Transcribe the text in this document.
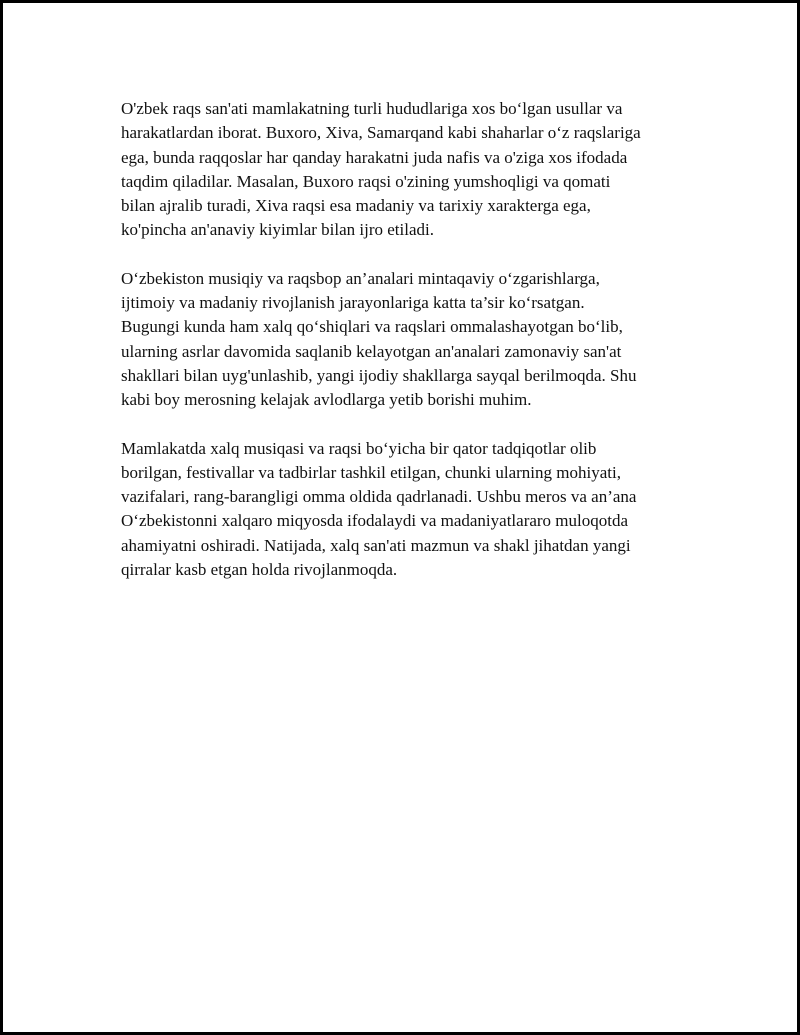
O'zbek raqs san'ati mamlakatning turli hududlariga xos bo‘lgan usullar va
harakatlardan iborat. Buxoro, Xiva, Samarqand kabi shaharlar o‘z raqslariga
ega, bunda raqqoslar har qanday harakatni juda nafis va o'ziga xos ifodada
taqdim qiladilar. Masalan, Buxoro raqsi o'zining yumshoqligi va qomati
bilan ajralib turadi, Xiva raqsi esa madaniy va tarixiy xarakterga ega,
ko'pincha an'anaviy kiyimlar bilan ijro etiladi.

O‘zbekiston musiqiy va raqsbop an’analari mintaqaviy o‘zgarishlarga,
ijtimoiy va madaniy rivojlanish jarayonlariga katta ta’sir ko‘rsatgan.
Bugungi kunda ham xalq qo‘shiqlari va raqslari ommalashayotgan bo‘lib,
ularning asrlar davomida saqlanib kelayotgan an'analari zamonaviy san'at
shakllari bilan uyg'unlashib, yangi ijodiy shakllarga sayqal berilmoqda. Shu
kabi boy merosning kelajak avlodlarga yetib borishi muhim.

Mamlakatda xalq musiqasi va raqsi bo‘yicha bir qator tadqiqotlar olib
borilgan, festivallar va tadbirlar tashkil etilgan, chunki ularning mohiyati,
vazifalari, rang-barangligi omma oldida qadrlanadi. Ushbu meros va an’ana
O‘zbekistonni xalqaro miqyosda ifodalaydi va madaniyatlararo muloqotda
ahamiyatni oshiradi. Natijada, xalq san'ati mazmun va shakl jihatdan yangi
qirralar kasb etgan holda rivojlanmoqda.
